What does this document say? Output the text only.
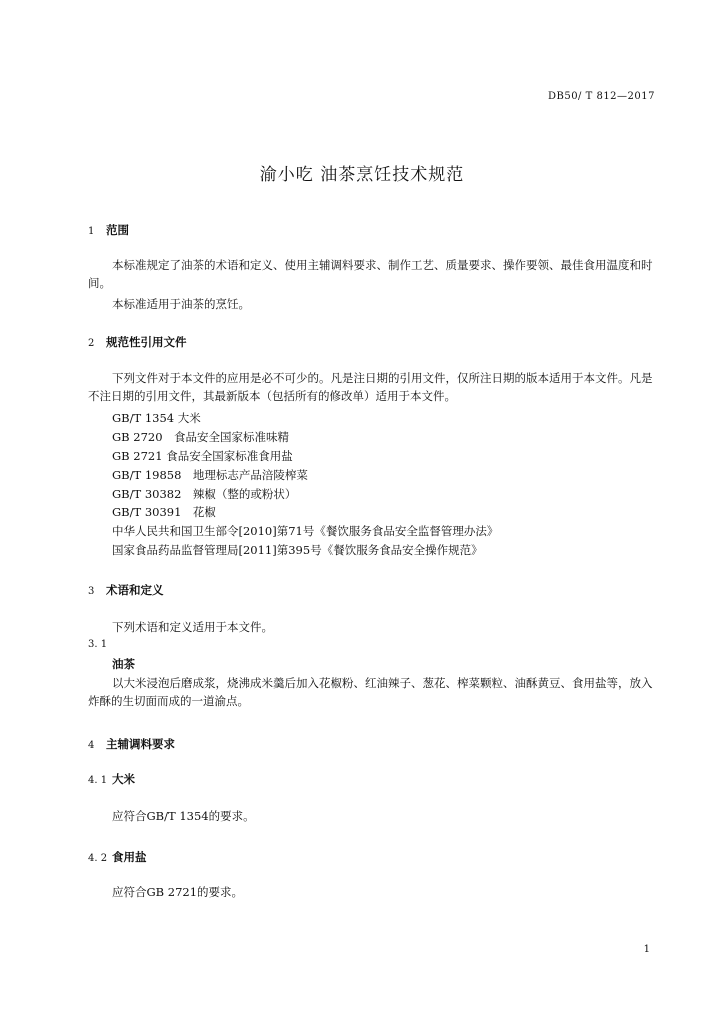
DB50/ T 812—2017
渝小吃 油茶烹饪技术规范
1 范围
本标准规定了油茶的术语和定义、使用主辅调料要求、制作工艺、质量要求、操作要领、最佳食用温度和时间。
本标准适用于油茶的烹饪。
2 规范性引用文件
下列文件对于本文件的应用是必不可少的。凡是注日期的引用文件，仅所注日期的版本适用于本文件。凡是不注日期的引用文件，其最新版本（包括所有的修改单）适用于本文件。
GB/T 1354 大米
GB 2720　食品安全国家标准味精
GB 2721 食品安全国家标准食用盐
GB/T 19858　地理标志产品涪陵榨菜
GB/T 30382　辣椒（整的或粉状）
GB/T 30391　花椒
中华人民共和国卫生部令[2010]第71号《餐饮服务食品安全监督管理办法》
国家食品药品监督管理局[2011]第395号《餐饮服务食品安全操作规范》
3 术语和定义
下列术语和定义适用于本文件。
3. 1
油茶
以大米浸泡后磨成浆，烧沸成米羹后加入花椒粉、红油辣子、葱花、榨菜颗粒、油酥黄豆、食用盐等，放入炸酥的生切面而成的一道渝点。
4 主辅调料要求
4. 1 大米
应符合GB/T 1354的要求。
4. 2 食用盐
应符合GB 2721的要求。
1
